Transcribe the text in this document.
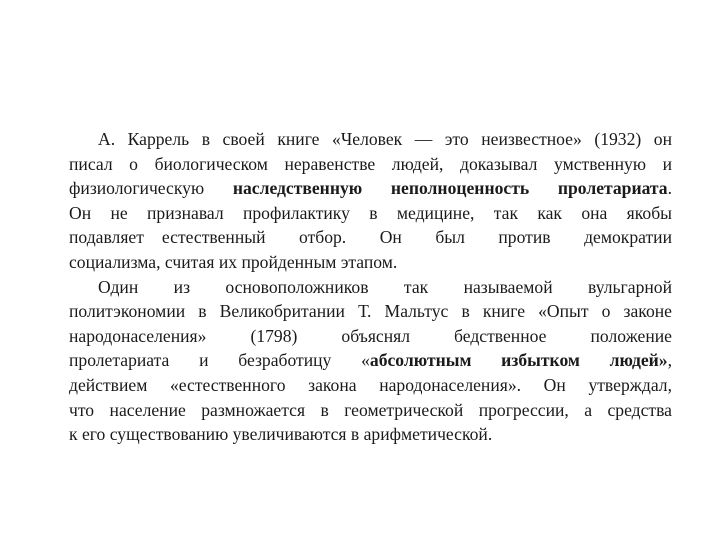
А. Каррель в своей книге «Человек — это неизвестное» (1932) он
писал о биологическом неравенстве людей, доказывал умственную и
физиологическую наследственную неполноценность пролетариата.
Он не признавал профилактику в медицине, так как она якобы
подавляет естественный отбор. Он был против демократии
социализма, считая их пройденным этапом.
Один из основоположников так называемой вульгарной
политэкономии в Великобритании Т. Мальтус в книге «Опыт о законе
народонаселения» (1798) объяснял бедственное положение
пролетариата и безработицу «абсолютным избытком людей»,
действием «естественного закона народонаселения». Он утверждал,
что население размножается в геометрической прогрессии, а средства
к его существованию увеличиваются в арифметической.
